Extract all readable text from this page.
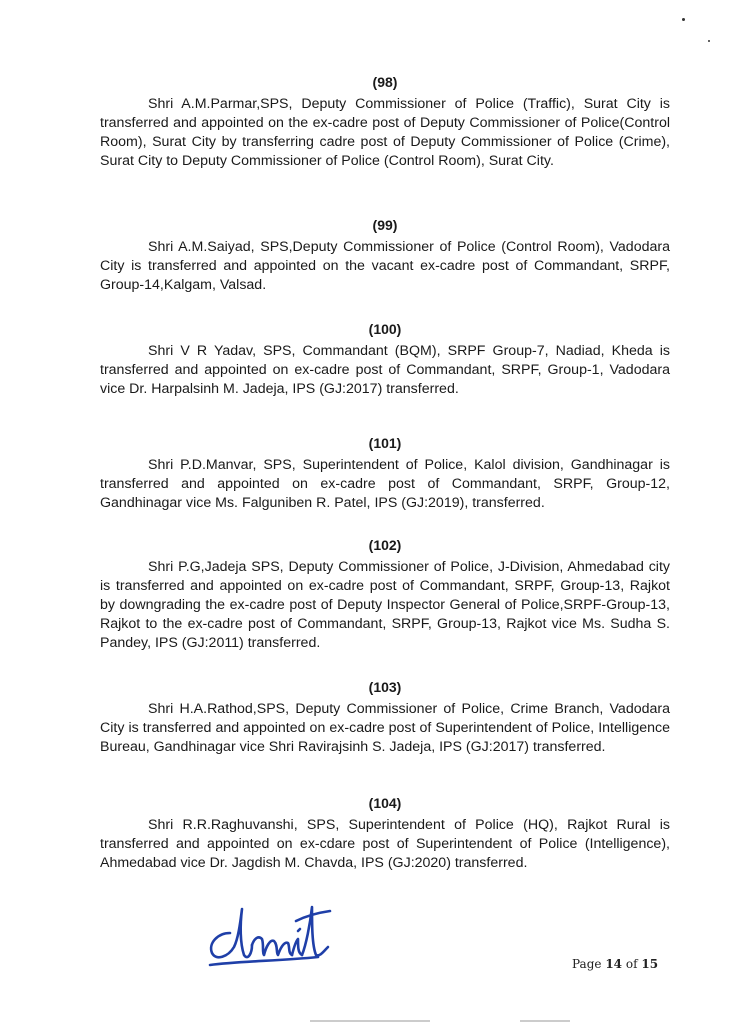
(98)

Shri A.M.Parmar,SPS, Deputy Commissioner of Police (Traffic), Surat City is transferred and appointed on the ex-cadre post of Deputy Commissioner of Police(Control Room), Surat City by transferring cadre post of Deputy Commissioner of Police (Crime), Surat City to Deputy Commissioner of Police (Control Room), Surat City.

(99)

Shri A.M.Saiyad, SPS,Deputy Commissioner of Police (Control Room), Vadodara City is transferred and appointed on the vacant ex-cadre post of Commandant, SRPF, Group-14,Kalgam, Valsad.

(100)

Shri V R Yadav, SPS, Commandant (BQM), SRPF Group-7, Nadiad, Kheda is transferred and appointed on ex-cadre post of Commandant, SRPF, Group-1, Vadodara vice Dr. Harpalsinh M. Jadeja, IPS (GJ:2017) transferred.

(101)

Shri P.D.Manvar, SPS, Superintendent of Police, Kalol division, Gandhinagar is transferred and appointed on ex-cadre post of Commandant, SRPF, Group-12, Gandhinagar vice Ms. Falguniben R. Patel, IPS (GJ:2019), transferred.

(102)

Shri P.G,Jadeja SPS, Deputy Commissioner of Police, J-Division, Ahmedabad city is transferred and appointed on ex-cadre post of Commandant, SRPF, Group-13, Rajkot by downgrading the ex-cadre post of Deputy Inspector General of Police,SRPF-Group-13, Rajkot to the ex-cadre post of Commandant, SRPF, Group-13, Rajkot vice Ms. Sudha S. Pandey, IPS (GJ:2011) transferred.

(103)

Shri H.A.Rathod,SPS, Deputy Commissioner of Police, Crime Branch, Vadodara City is transferred and appointed on ex-cadre post of Superintendent of Police, Intelligence Bureau, Gandhinagar vice Shri Ravirajsinh S. Jadeja, IPS (GJ:2017) transferred.

(104)

Shri R.R.Raghuvanshi, SPS, Superintendent of Police (HQ), Rajkot Rural is transferred and appointed on ex-cdare post of Superintendent of Police (Intelligence), Ahmedabad vice Dr. Jagdish M. Chavda, IPS (GJ:2020) transferred.

Page 14 of 15
